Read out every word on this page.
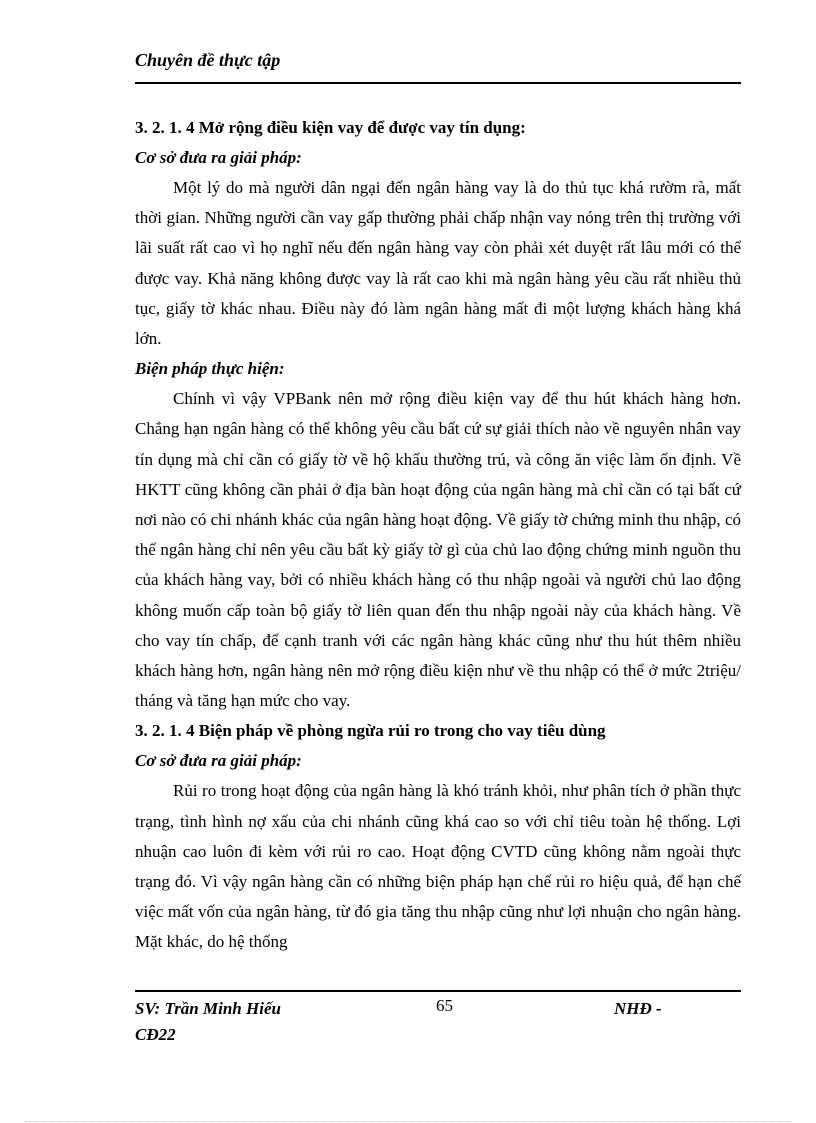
Chuyên đề thực tập
3. 2. 1. 4 Mở rộng điều kiện vay để được vay tín dụng:
Cơ sở đưa ra giải pháp:

Một lý do mà người dân ngại đến ngân hàng vay là do thủ tục khá rườm rà, mất thời gian. Những người cần vay gấp thường phải chấp nhận vay nóng trên thị trường với lãi suất rất cao vì họ nghĩ nếu đến ngân hàng vay còn phải xét duyệt rất lâu mới có thể được vay. Khả năng không được vay là rất cao khi mà ngân hàng yêu cầu rất nhiều thủ tục, giấy tờ khác nhau. Điều này đó làm ngân hàng mất đi một lượng khách hàng khá lớn.

Biện pháp thực hiện:

Chính vì vậy VPBank nên mở rộng điều kiện vay để thu hút khách hàng hơn. Chẳng hạn ngân hàng có thể không yêu cầu bất cứ sự giải thích nào về nguyên nhân vay tín dụng mà chỉ cần có giấy tờ về hộ khẩu thường trú, và công ăn việc làm ổn định. Về HKTT cũng không cần phải ở địa bàn hoạt động của ngân hàng mà chỉ cần có tại bất cứ nơi nào có chi nhánh khác của ngân hàng hoạt động. Về giấy tờ chứng minh thu nhập, có thể ngân hàng chỉ nên yêu cầu bất kỳ giấy tờ gì của chủ lao động chứng minh nguồn thu của khách hàng vay, bởi có nhiều khách hàng có thu nhập ngoài và người chủ lao động không muốn cấp toàn bộ giấy tờ liên quan đến thu nhập ngoài này của khách hàng. Về cho vay tín chấp, để cạnh tranh với các ngân hàng khác cũng như thu hút thêm nhiều khách hàng hơn, ngân hàng nên mở rộng điều kiện như về thu nhập có thể ở mức 2triệu/ tháng và tăng hạn mức cho vay.

3. 2. 1. 4 Biện pháp về phòng ngừa rủi ro trong cho vay tiêu dùng
Cơ sở đưa ra giải pháp:

Rủi ro trong hoạt động của ngân hàng là khó tránh khỏi, như phân tích ở phần thực trạng, tình hình nợ xấu của chi nhánh cũng khá cao so với chỉ tiêu toàn hệ thống. Lợi nhuận cao luôn đi kèm với rủi ro cao. Hoạt động CVTD cũng không nằm ngoài thực trạng đó. Vì vậy ngân hàng cần có những biện pháp hạn chế rủi ro hiệu quả, để hạn chế việc mất vốn của ngân hàng, từ đó gia tăng thu nhập cũng như lợi nhuận cho ngân hàng. Mặt khác, do hệ thống

SV: Trần Minh Hiếu
CĐ22
65	NHĐ -
